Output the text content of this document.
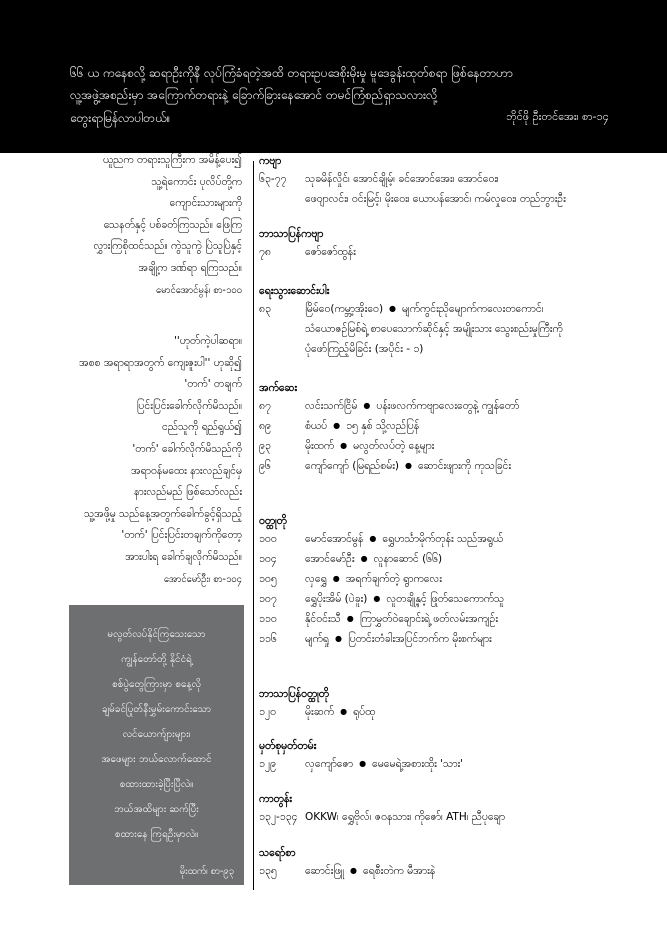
၆၆ ယ ကနေစလို့ ဆရာဦးကိုနီ လုပ်ကြံခံရတဲ့အထိ တရားဥပဒေစိုးမိုးမှု မူဒေခွန်းထုတ်စရာ ဖြစ်နေတာဟာ
လူ့အဖွဲ့အစည်းမှာ အကြောက်တရားနဲ့ ခြောက်ခြားနေအောင် တမင်ကြံစည်ရှာသလားလို့
တွေးရာမြန်လာပါတယ်။	ဘိုင်ဖို ဦးတင်အေး၊ စာ-၁၄
ယူညက တရားသူကြီးက အမိန့်ပေး၍
သူ့ရဲကောင်း ပုလိပ်တို့က
ကျောင်းသားများကို
သေနတ်နှင့် ပစ်ခတ်ကြသည်။ ဖြေကြ
လွှားကြစိုထင်သည်။ ကွဲသူကွဲ ပြဲသူပြဲနှင့်
အချို့က ဒဏ်ရာ ရကြသည်။
မောင်အောင်မွန်၊ စာ-၁၀၀
''ဟုတ်ကဲ့ပါဆရာ။
အစစ အရာရာအတွက် ကျေးဇူးပါ'' ဟုဆို၍
'တက်' တချက်
ပြင်းပြင်းခေါက်လိုက်မိသည်။
ငည်သူကို ရည်ရွယ်၍
'တက်' ခေါက်လိုက်မိသည်ကို
အရာဝန်မထေး နားလည်ချင်မှ
နားလည်မည် ဖြစ်သော်လည်း
သူ့အဖို့မှု သည်နေ့အတွက်ခေါက်ခွင့်ရှိသည့်
'တက်' ပြင်းပြင်းတချက်ကိုတော့
အားပါးရ ခေါက်ချလိုက်မိသည်။
အောင်မော်ဦး၊ စာ-၁၀၄
မလွတ်လပ်နိုင်ကြသေးသော
ကျွန်တော်တို့ နိုင်ငံရဲ့
စစ်ပွဲတွေကြားမှာ စနေ့လို
ချမ်ခင်ပြုတ်နီးမွှမ်းကောင်းသော
လင်ယောက်ျားများ၊
အဖေများ ဘယ်လောက်ထောင်
စထားထားခဲ့ပြီးပြီလဲ။
ဘယ်အထိများ ဆက်ပြီး
စထားနေ ကြရဦးမှာလဲ။
မိုးထက်၊ စာ-၉၃
ကဗျာ
၆၃-၇၇ သုခမိန်လှိုင်၊ အောင်ချိုမ့်၊ ခင်အောင်အေး၊ အောင်ဝေး၊
ဖေဝျာလင်း၊ ဝင်းမြင့်၊ မိုးဝေး၊ ယောပန်အောင်၊ ကမ်လှုဝေး၊ တည်ဘွားဦး
ဘာသာပြန်ကဗျာ
၇၈	ဇော်ဇော်ထွန်း
ရေးသွားဆောင်းပါး
၈၃	မြိမ်ဝေ(ကမ္ဘာ့အိုးဝေ) ● မျက်ကွင်းညိုမျောက်ကလေးတကောင်၊
သံယောဇဉ်မြစ်ရဲ့ စာပေသောက်ဆိုင်နှင့် အမျိုးသား သွေးစည်းမှုကြီးကို
ပုံဖော်ကြည့်မိခြင်း (အပိုင်း - ၁)
အက်ဆေး
၈၇	လင်းသက်ငြိမ် ● ပန်းဖလက်ကဗျာလေးတွေနဲ့ ကျွန်တော်
၈၉	စံယပ် ● ၁၅ နှစ် သို့လည်ပြန်
၉၃	မိုးထက် ● မလွတ်လပ်တဲ့ နေ့များ
၉၆	ကျော်ကျော် (မြရည်စမ်း) ● ဆောင်းဖျားကို ကုသခြင်း
ဝတ္ထုတို
၁၀၀	မောင်အောင်မွန် ● ရွှေဟင်္သာမိုက်တုန်း သည်အရွယ်
၁၀၄	အောင်မော်ဦး ● လူနာဆောင် (၆၆)
၁၀၅	လှရွှေ ● အရက်ချက်တဲ့ ရွာကလေး
၁၀၇	ရွှေပိုးအိမ် (ပဲခူး) ● လူတချို့နှင့် ဖြုတ်သေကောက်သူ
၁၁၀	နိုင်ဝင်းသီ ● ကြာမွှတ်ဝဲချောင်းရဲ့ ဖတ်လမ်းအကျဉ်း
၁၁၆	မျက်ရှု ● ပြတင်းတံခါးအပြင်ဘက်က မိုးစက်များ
ဘာသာပြန်ဝတ္ထုတို
၁၂၀	မိုးဆက် ● ရုပ်ထု
မှတ်စုမှတ်တမ်း
၁၂၉	လှကျော်ဇော ● မေမေရဲ့အစားထိုး 'သား'
ကာတွန်း
၁၃၂-၁၃၄ OKKW၊ ရွှေဗိုလ်၊ ဇဝနသား၊ ကိုဇော်၊ ATH၊ ညီပုချော
သရော်စာ
၁၃၅	ဆောင်းဖြူ ● ရေစီးတဲက မီအားနဲ
